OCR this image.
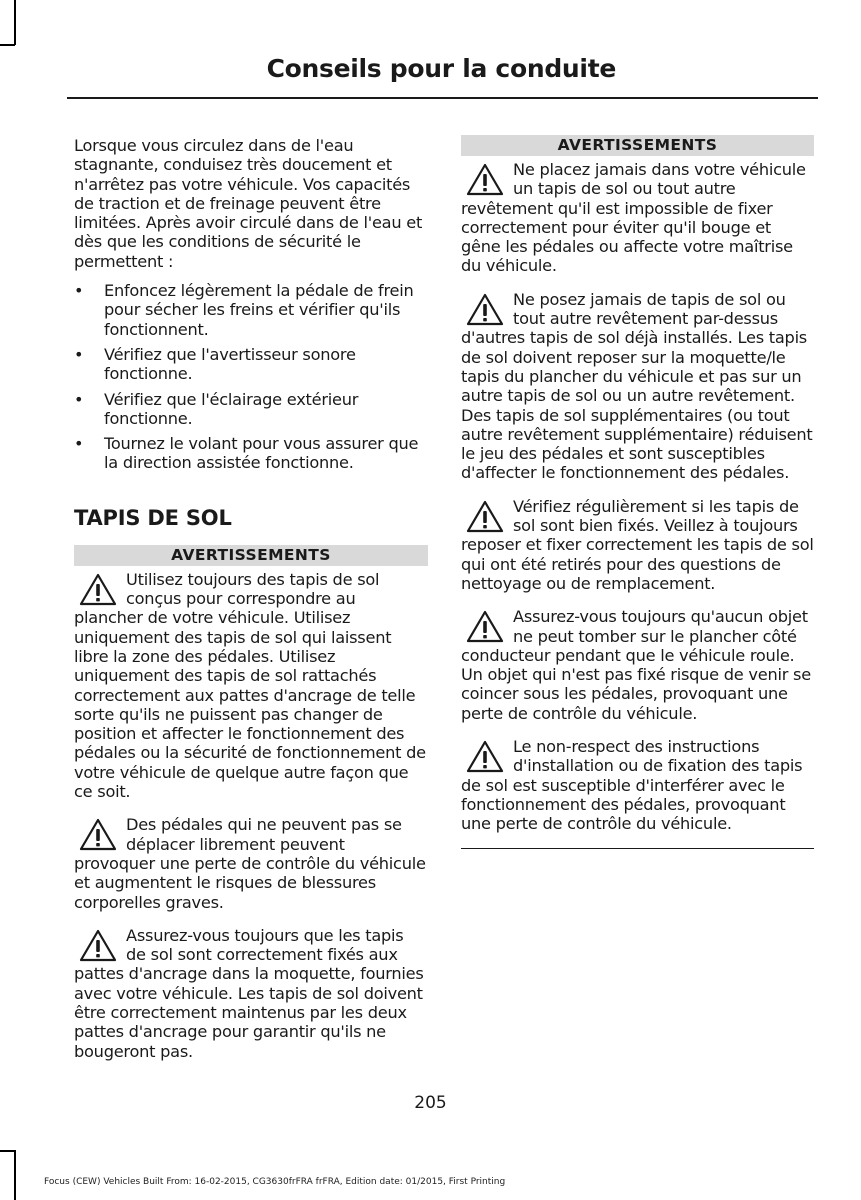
Conseils pour la conduite

Lorsque vous circulez dans de l'eau stagnante, conduisez très doucement et n'arrêtez pas votre véhicule. Vos capacités de traction et de freinage peuvent être limitées. Après avoir circulé dans de l'eau et dès que les conditions de sécurité le permettent :

• Enfoncez légèrement la pédale de frein pour sécher les freins et vérifier qu'ils fonctionnent.
• Vérifiez que l'avertisseur sonore fonctionne.
• Vérifiez que l'éclairage extérieur fonctionne.
• Tournez le volant pour vous assurer que la direction assistée fonctionne.
TAPIS DE SOL
AVERTISSEMENTS

Utilisez toujours des tapis de sol conçus pour correspondre au plancher de votre véhicule. Utilisez uniquement des tapis de sol qui laissent libre la zone des pédales. Utilisez uniquement des tapis de sol rattachés correctement aux pattes d'ancrage de telle sorte qu'ils ne puissent pas changer de position et affecter le fonctionnement des pédales ou la sécurité de fonctionnement de votre véhicule de quelque autre façon que ce soit.

Des pédales qui ne peuvent pas se déplacer librement peuvent provoquer une perte de contrôle du véhicule et augmentent le risques de blessures corporelles graves.

Assurez-vous toujours que les tapis de sol sont correctement fixés aux pattes d'ancrage dans la moquette, fournies avec votre véhicule. Les tapis de sol doivent être correctement maintenus par les deux pattes d'ancrage pour garantir qu'ils ne bougeront pas.

AVERTISSEMENTS

Ne placez jamais dans votre véhicule un tapis de sol ou tout autre revêtement qu'il est impossible de fixer correctement pour éviter qu'il bouge et gêne les pédales ou affecte votre maîtrise du véhicule.

Ne posez jamais de tapis de sol ou tout autre revêtement par-dessus d'autres tapis de sol déjà installés. Les tapis de sol doivent reposer sur la moquette/le tapis du plancher du véhicule et pas sur un autre tapis de sol ou un autre revêtement. Des tapis de sol supplémentaires (ou tout autre revêtement supplémentaire) réduisent le jeu des pédales et sont susceptibles d'affecter le fonctionnement des pédales.

Vérifiez régulièrement si les tapis de sol sont bien fixés. Veillez à toujours reposer et fixer correctement les tapis de sol qui ont été retirés pour des questions de nettoyage ou de remplacement.

Assurez-vous toujours qu'aucun objet ne peut tomber sur le plancher côté conducteur pendant que le véhicule roule. Un objet qui n'est pas fixé risque de venir se coincer sous les pédales, provoquant une perte de contrôle du véhicule.

Le non-respect des instructions d'installation ou de fixation des tapis de sol est susceptible d'interférer avec le fonctionnement des pédales, provoquant une perte de contrôle du véhicule.

205
Focus (CEW) Vehicles Built From: 16-02-2015, CG3630frFRA frFRA, Edition date: 01/2015, First Printing
